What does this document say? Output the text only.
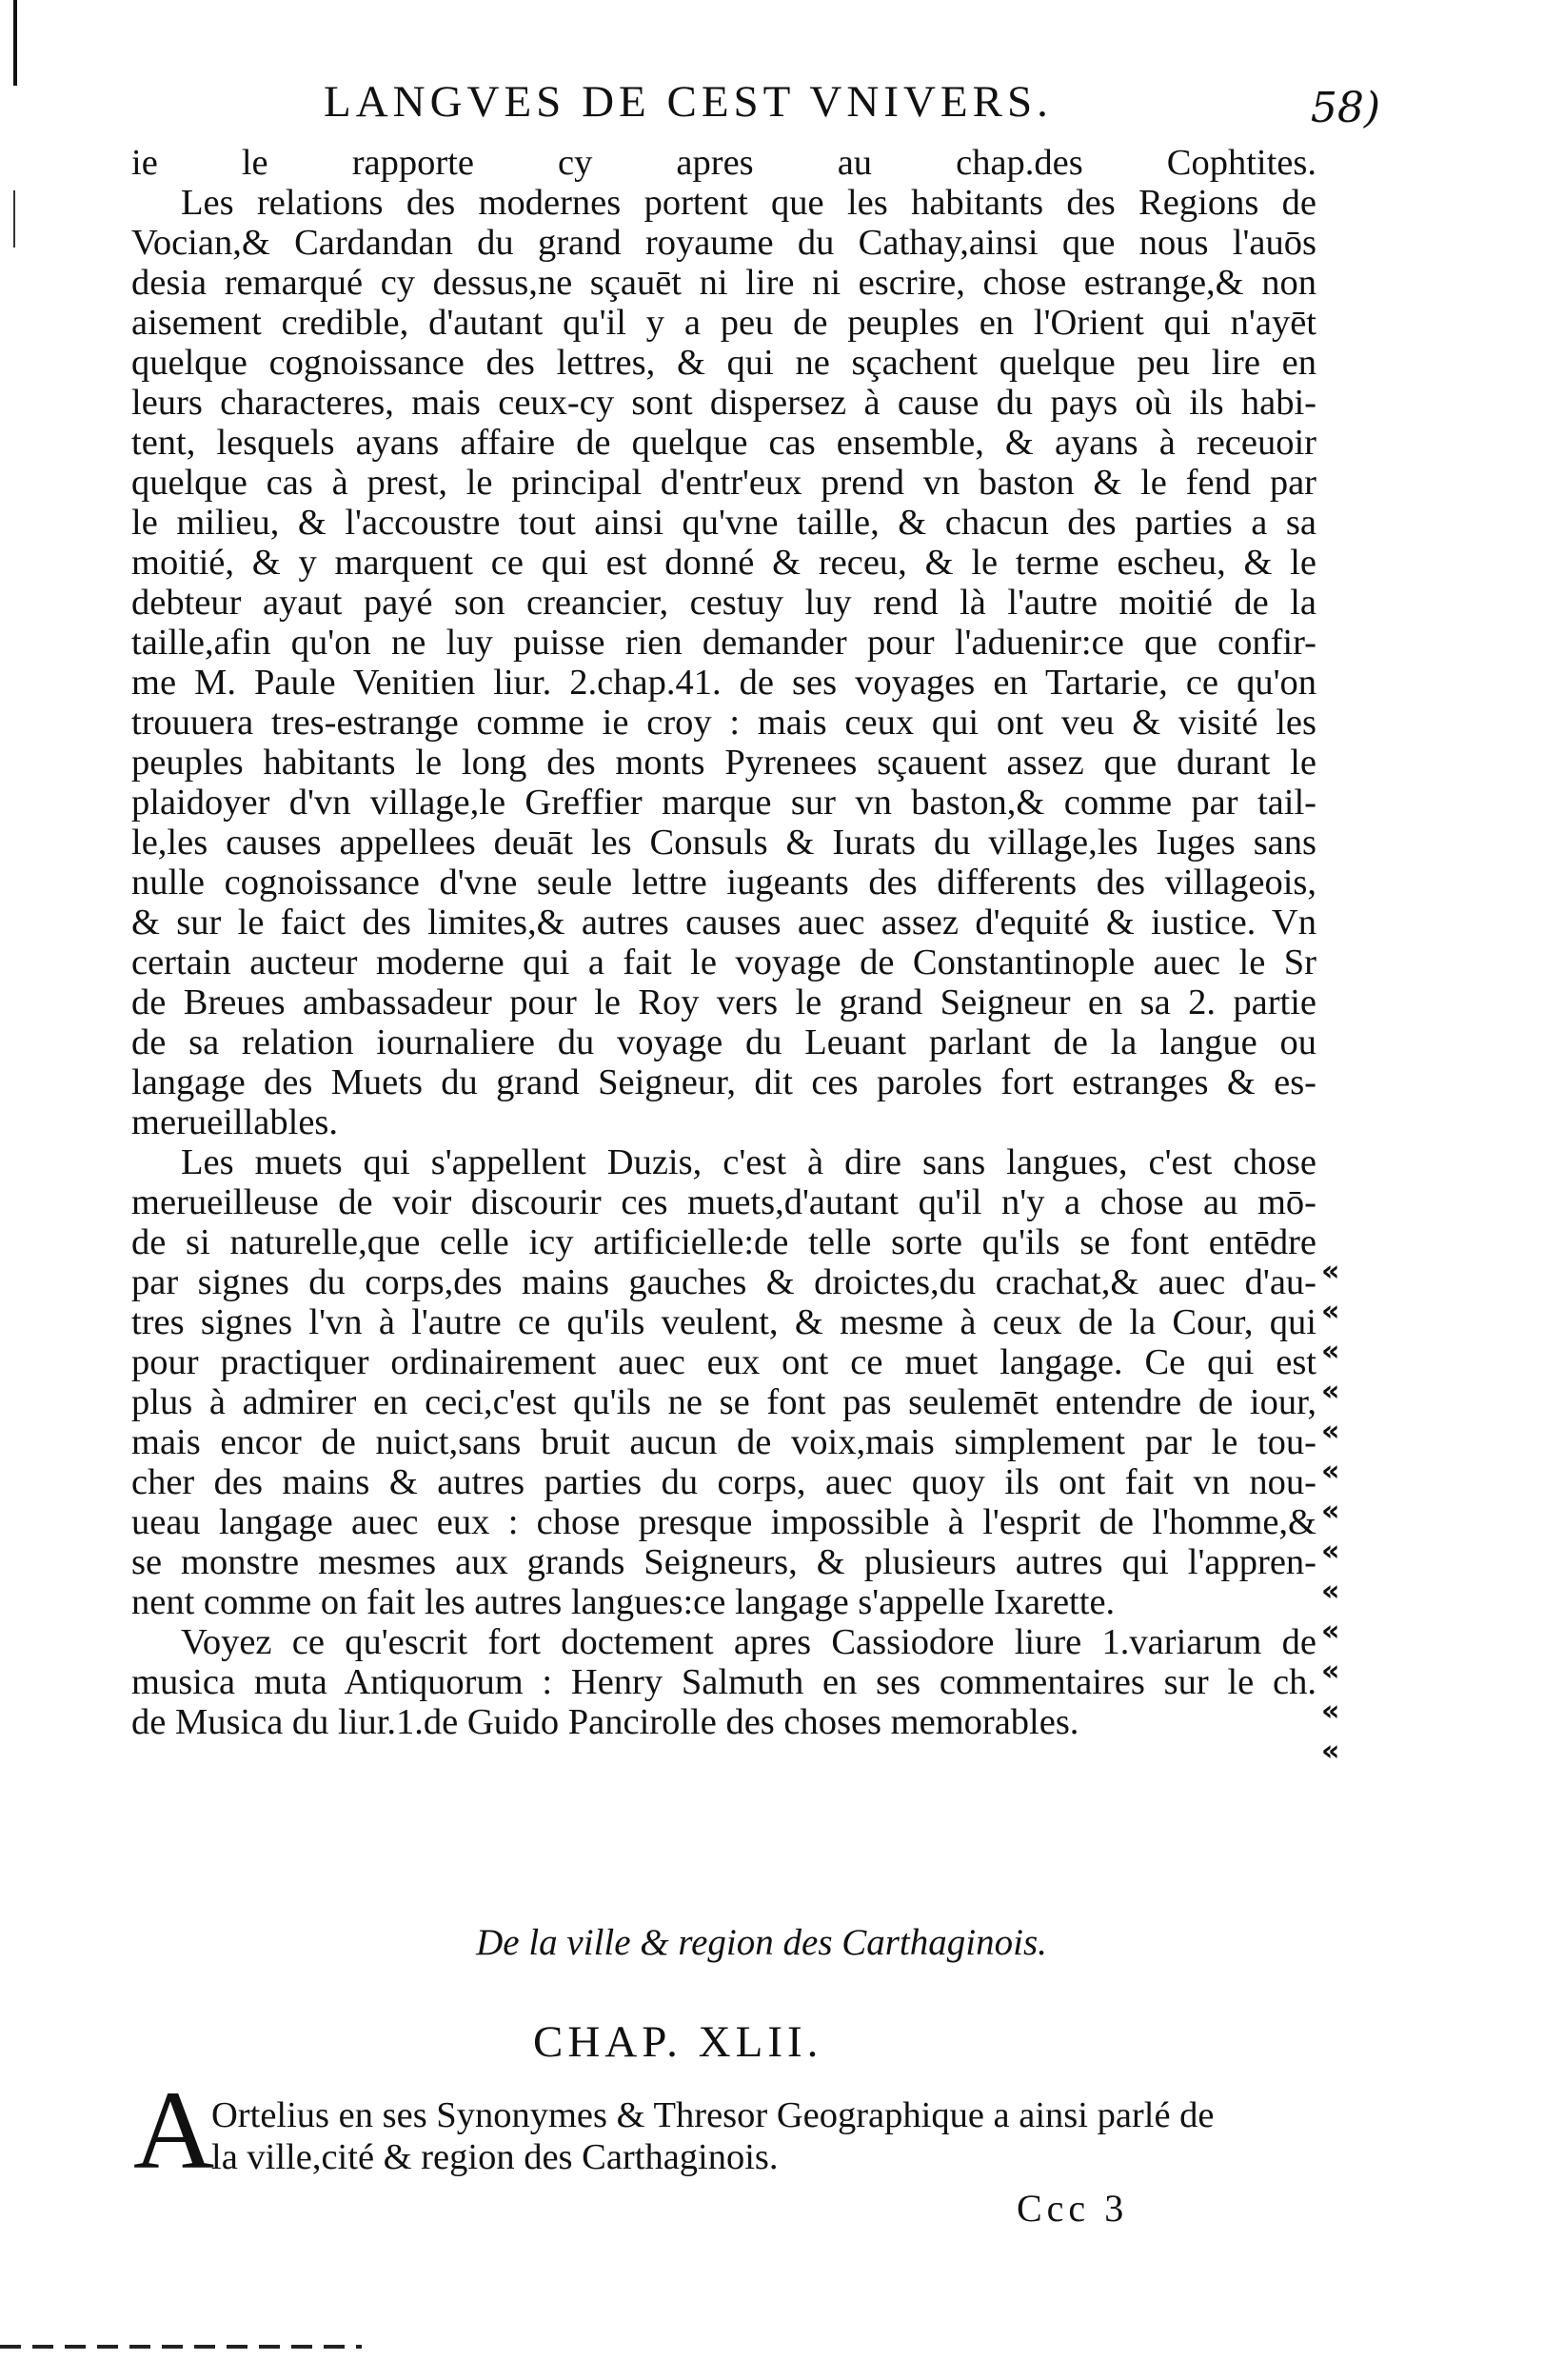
LANGVES DE CEST VNIVERS.	58)
ie le rapporte cy apres au chap.des Cophtites.
Les relations des modernes portent que les habitants des Regions de
Vocian,& Cardandan du grand royaume du Cathay,ainsi que nous l'auōs
desia remarqué cy dessus,ne sçauēt ni lire ni escrire, chose estrange,& non
aisement credible, d'autant qu'il y a peu de peuples en l'Orient qui n'ayēt
quelque cognoissance des lettres, & qui ne sçachent quelque peu lire en
leurs characteres, mais ceux-cy sont dispersez à cause du pays où ils habi-
tent, lesquels ayans affaire de quelque cas ensemble, & ayans à receuoir
quelque cas à prest, le principal d'entr'eux prend vn baston & le fend par
le milieu, & l'accoustre tout ainsi qu'vne taille, & chacun des parties a sa
moitié, & y marquent ce qui est donné & receu, & le terme escheu, & le
debteur ayaut payé son creancier, cestuy luy rend là l'autre moitié de la
taille,afin qu'on ne luy puisse rien demander pour l'aduenir:ce que confir-
me M. Paule Venitien liur. 2.chap.41. de ses voyages en Tartarie, ce qu'on
trouuera tres-estrange comme ie croy : mais ceux qui ont veu & visité les
peuples habitants le long des monts Pyrenees sçauent assez que durant le
plaidoyer d'vn village,le Greffier marque sur vn baston,& comme par tail-
le,les causes appellees deuāt les Consuls & Iurats du village,les Iuges sans
nulle cognoissance d'vne seule lettre iugeants des differents des villageois,
& sur le faict des limites,& autres causes auec assez d'equité & iustice. Vn
certain aucteur moderne qui a fait le voyage de Constantinople auec le Sr
de Breues ambassadeur pour le Roy vers le grand Seigneur en sa 2. partie
de sa relation iournaliere du voyage du Leuant parlant de la langue ou
langage des Muets du grand Seigneur, dit ces paroles fort estranges & es-
merueillables.
Les muets qui s'appellent Duzis, c'est à dire sans langues, c'est chose
merueilleuse de voir discourir ces muets,d'autant qu'il n'y a chose au mō-
de si naturelle,que celle icy artificielle:de telle sorte qu'ils se font entēdre
par signes du corps,des mains gauches & droictes,du crachat,& auec d'au-
tres signes l'vn à l'autre ce qu'ils veulent, & mesme à ceux de la Cour, qui
pour practiquer ordinairement auec eux ont ce muet langage. Ce qui est
plus à admirer en ceci,c'est qu'ils ne se font pas seulemēt entendre de iour,
mais encor de nuict,sans bruit aucun de voix,mais simplement par le tou-
cher des mains & autres parties du corps, auec quoy ils ont fait vn nou-
ueau langage auec eux : chose presque impossible à l'esprit de l'homme,&
se monstre mesmes aux grands Seigneurs, & plusieurs autres qui l'appren-
nent comme on fait les autres langues:ce langage s'appelle Ixarette.
Voyez ce qu'escrit fort doctement apres Cassiodore liure 1.variarum de
musica muta Antiquorum : Henry Salmuth en ses commentaires sur le ch.
de Musica du liur.1.de Guido Pancirolle des choses memorables.
«
«
«
«
«
«
«
«
«
«
«
«
«
De la ville & region des Carthaginois.
CHAP. XLII.
A
Ortelius en ses Synonymes & Thresor Geographique a ainsi parlé de
la ville,cité & region des Carthaginois.
Ccc 3
